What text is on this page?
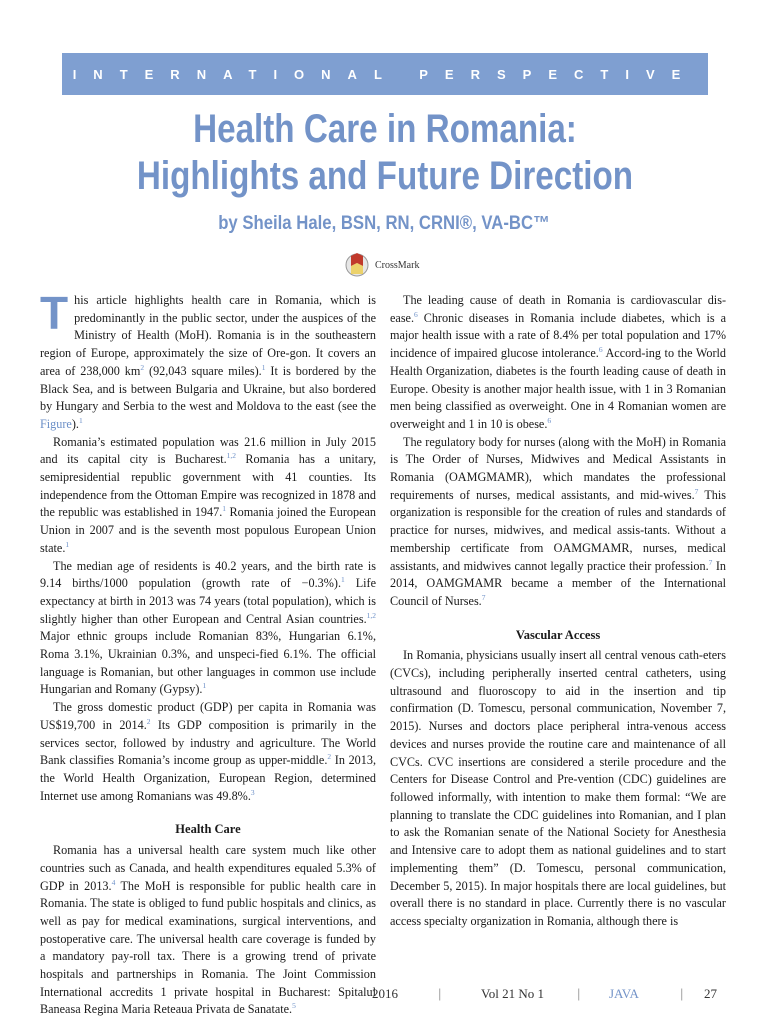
INTERNATIONAL PERSPECTIVE
Health Care in Romania:
Highlights and Future Direction
by Sheila Hale, BSN, RN, CRNI®, VA-BC™
CrossMark

This article highlights health care in Romania, which is predominantly in the public sector, under the auspices of the Ministry of Health (MoH). Romania is in the southeastern region of Europe, approximately the size of Ore-gon. It covers an area of 238,000 $km^2$ (92,043 square miles).$^1$ It is bordered by the Black Sea, and is between Bulgaria and Ukraine, but also bordered by Hungary and Serbia to the west and Moldova to the east (see the Figure).$^1$

Romania’s estimated population was 21.6 million in July 2015 and its capital city is Bucharest.$^{1,2}$ Romania has a unitary, semipresidential republic government with 41 counties. Its independence from the Ottoman Empire was recognized in 1878 and the republic was established in 1947.$^1$ Romania joined the European Union in 2007 and is the seventh most populous European Union state.$^1$

The median age of residents is 40.2 years, and the birth rate is 9.14 births/1000 population (growth rate of −0.3%).$^1$ Life expectancy at birth in 2013 was 74 years (total population), which is slightly higher than other European and Central Asian countries.$^{1,2}$ Major ethnic groups include Romanian 83%, Hungarian 6.1%, Roma 3.1%, Ukrainian 0.3%, and unspeci-fied 6.1%. The official language is Romanian, but other languages in common use include Hungarian and Romany (Gypsy).$^1$

The gross domestic product (GDP) per capita in Romania was US$19,700 in 2014.$^2$ Its GDP composition is primarily in the services sector, followed by industry and agriculture. The World Bank classifies Romania’s income group as upper-middle.$^2$ In 2013, the World Health Organization, European Region, determined Internet use among Romanians was 49.8%.$^3$

Health Care

Romania has a universal health care system much like other countries such as Canada, and health expenditures equaled 5.3% of GDP in 2013.$^4$ The MoH is responsible for public health care in Romania. The state is obliged to fund public hospitals and clinics, as well as pay for medical examinations, surgical interventions, and postoperative care. The universal health care coverage is funded by a mandatory pay-roll tax. There is a growing trend of private hospitals and partnerships in Romania. The Joint Commission International accredits 1 private hospital in Bucharest: Spitalul Baneasa Regina Maria Reteaua Privata de Sanatate.$^5$

The leading cause of death in Romania is cardiovascular dis-ease.$^6$ Chronic diseases in Romania include diabetes, which is a major health issue with a rate of 8.4% per total population and 17% incidence of impaired glucose intolerance.$^6$ Accord-ing to the World Health Organization, diabetes is the fourth leading cause of death in Europe. Obesity is another major health issue, with 1 in 3 Romanian men being classified as overweight. One in 4 Romanian women are overweight and 1 in 10 is obese.$^6$

The regulatory body for nurses (along with the MoH) in Romania is The Order of Nurses, Midwives and Medical Assistants in Romania (OAMGMAMR), which mandates the professional requirements of nurses, medical assistants, and mid-wives.$^7$ This organization is responsible for the creation of rules and standards of practice for nurses, midwives, and medical assis-tants. Without a membership certificate from OAMGMAMR, nurses, medical assistants, and midwives cannot legally practice their profession.$^7$ In 2014, OAMGMAMR became a member of the International Council of Nurses.$^7$

Vascular Access

In Romania, physicians usually insert all central venous cath-eters (CVCs), including peripherally inserted central catheters, using ultrasound and fluoroscopy to aid in the insertion and tip confirmation (D. Tomescu, personal communication, November 7, 2015). Nurses and doctors place peripheral intra-venous access devices and nurses provide the routine care and maintenance of all CVCs. CVC insertions are considered a sterile procedure and the Centers for Disease Control and Pre-vention (CDC) guidelines are followed informally, with intention to make them formal: “We are planning to translate the CDC guidelines into Romanian, and I plan to ask the Romanian senate of the National Society for Anesthesia and Intensive care to adopt them as national guidelines and to start implementing them” (D. Tomescu, personal communication, December 5, 2015). In major hospitals there are local guidelines, but overall there is no standard in place. Currently there is no vascular access specialty organization in Romania, although there is

2016	|	Vol 21 No 1	| JAVA	| 27
